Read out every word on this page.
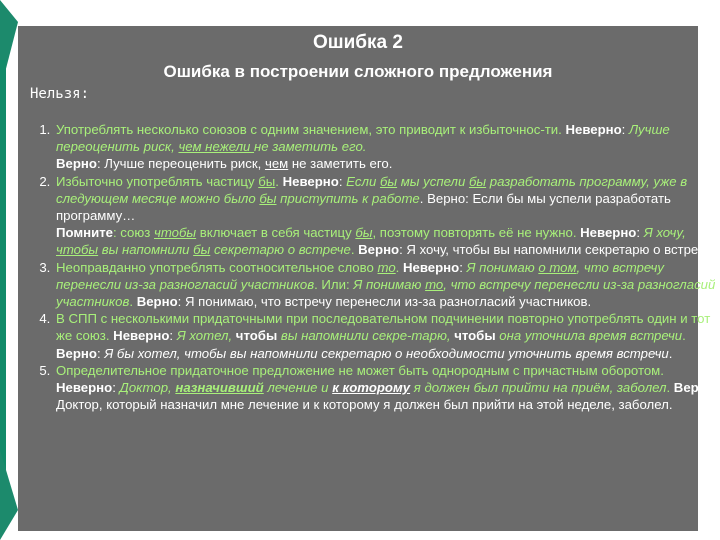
Ошибка 2
Ошибка в построении сложного предложения
Нельзя:
1. Употреблять несколько союзов с одним значением, это приводит к избыточнос-ти. Неверно: Лучше переоценить риск, чем нежели не заметить его.
Верно: Лучше переоценить риск, чем не заметить его.
2. Избыточно употреблять частицу бы. Неверно: Если бы мы успели бы разработать программу, уже в следующем месяце можно было бы приступить к работе. Верно: Если бы мы успели разработать программу…
Помните: союз чтобы включает в себя частицу бы, поэтому повторять её не нужно. Неверно: Я хочу, чтобы вы напомнили бы секретарю о встрече. Верно: Я хочу, чтобы вы напомнили секретарю о встрече.
3. Неоправданно употреблять соотносительное слово то. Неверно: Я понимаю о том, что встречу перенесли из-за разногласий участников. Или: Я понимаю то, что встречу перенесли из-за разногласий участников. Верно: Я понимаю, что встречу перенесли из-за разногласий участников.
4. В СПП с несколькими придаточными при последовательном подчинении повторно употреблять один и тот же союз. Неверно: Я хотел, чтобы вы напомнили секре-тарю, чтобы она уточнила время встречи. Верно: Я бы хотел, чтобы вы напомнили секретарю о необходимости уточнить время встречи.
5. Определительное придаточное предложение не может быть однородным с причастным оборотом. Неверно: Доктор, назначивший лечение и к которому я должен был прийти на приём, заболел. Верно: Доктор, который назначил мне лечение и к которому я должен был прийти на этой неделе, заболел.
